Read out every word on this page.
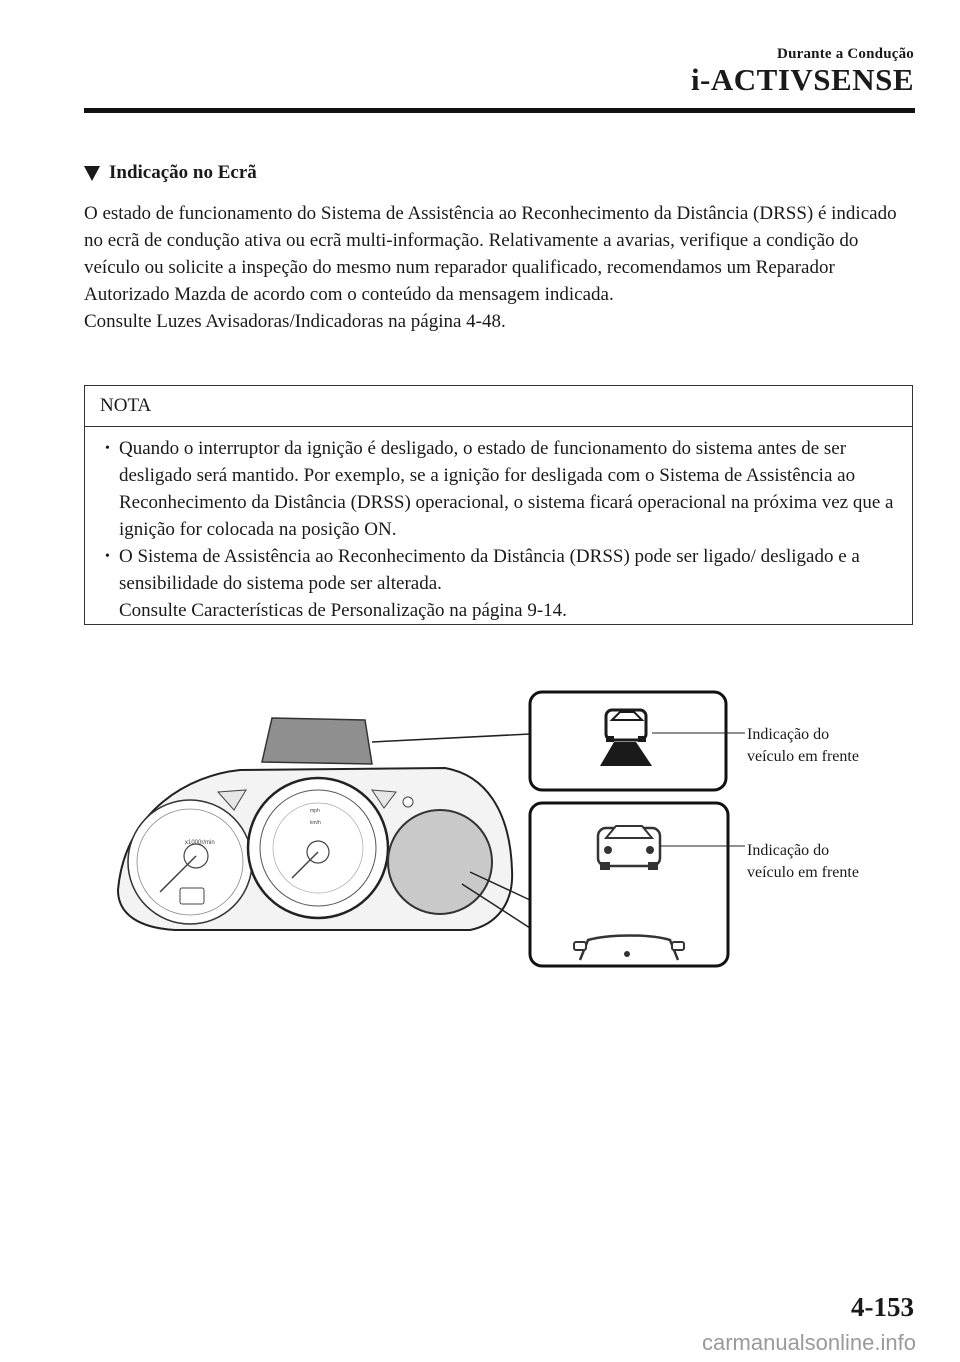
Durante a Condução
i-ACTIVSENSE
Indicação no Ecrã

O estado de funcionamento do Sistema de Assistência ao Reconhecimento da Distância (DRSS) é indicado no ecrã de condução ativa ou ecrã multi-informação. Relativamente a avarias, verifique a condição do veículo ou solicite a inspeção do mesmo num reparador qualificado, recomendamos um Reparador Autorizado Mazda de acordo com o conteúdo da mensagem indicada.

Consulte Luzes Avisadoras/Indicadoras na página 4-48.

NOTA
• Quando o interruptor da ignição é desligado, o estado de funcionamento do sistema antes de ser desligado será mantido. Por exemplo, se a ignição for desligada com o Sistema de Assistência ao Reconhecimento da Distância (DRSS) operacional, o sistema ficará operacional na próxima vez que a ignição for colocada na posição ON.
• O Sistema de Assistência ao Reconhecimento da Distância (DRSS) pode ser ligado/ desligado e a sensibilidade do sistema pode ser alterada.
Consulte Características de Personalização na página 9-14.
x1000r/min
mph
km/h
Indicação do
veículo em frente
Indicação do
veículo em frente
4-153
carmanualsonline.info
